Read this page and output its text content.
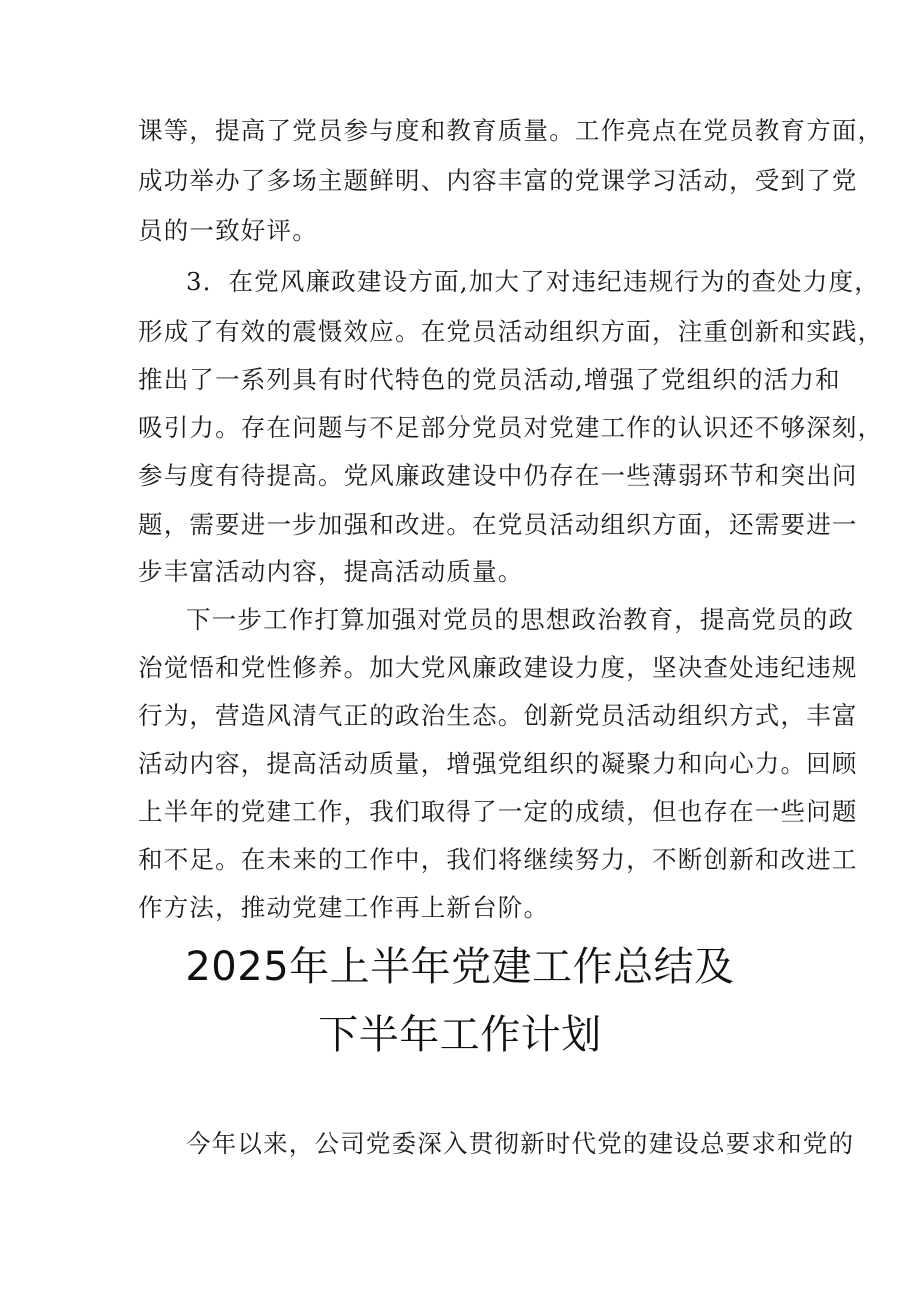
课等，提高了党员参与度和教育质量。工作亮点在党员教育方面，
成功举办了多场主题鲜明、内容丰富的党课学习活动，受到了党
员的一致好评。
3．在党风廉政建设方面,加大了对违纪违规行为的查处力度，
形成了有效的震慑效应。在党员活动组织方面，注重创新和实践，
推出了一系列具有时代特色的党员活动,增强了党组织的活力和
吸引力。存在问题与不足部分党员对党建工作的认识还不够深刻，
参与度有待提高。党风廉政建设中仍存在一些薄弱环节和突出问
题，需要进一步加强和改进。在党员活动组织方面，还需要进一
步丰富活动内容，提高活动质量。
下一步工作打算加强对党员的思想政治教育，提高党员的政
治觉悟和党性修养。加大党风廉政建设力度，坚决查处违纪违规
行为，营造风清气正的政治生态。创新党员活动组织方式，丰富
活动内容，提高活动质量，增强党组织的凝聚力和向心力。回顾
上半年的党建工作，我们取得了一定的成绩，但也存在一些问题
和不足。在未来的工作中，我们将继续努力，不断创新和改进工
作方法，推动党建工作再上新台阶。
2025年上半年党建工作总结及
下半年工作计划
今年以来，公司党委深入贯彻新时代党的建设总要求和党的
